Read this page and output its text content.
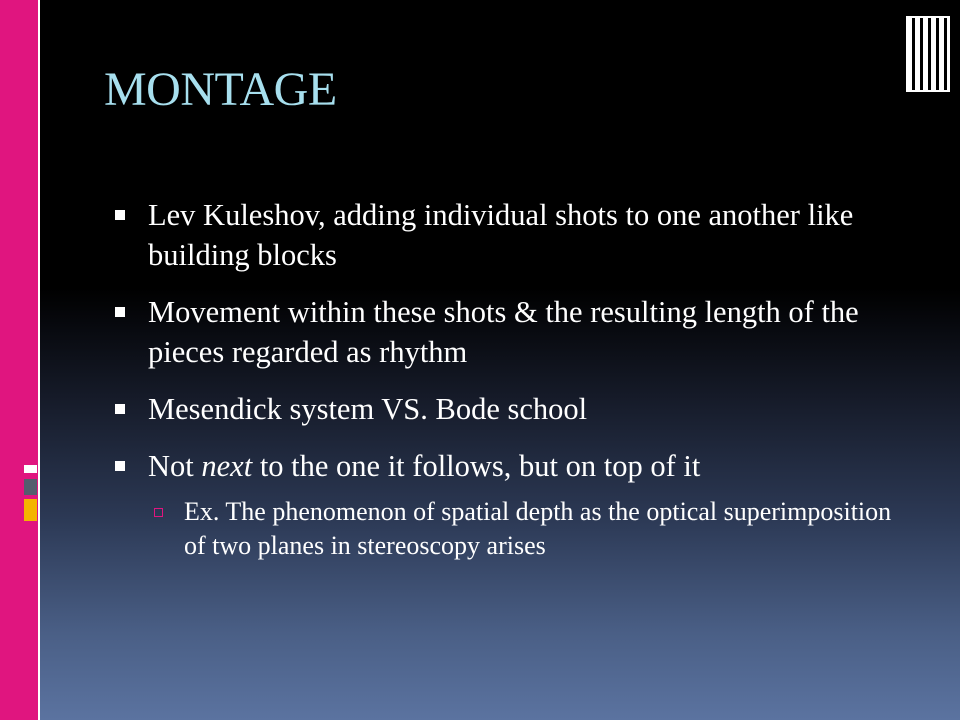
MONTAGE
Lev Kuleshov, adding individual shots to one another like building blocks
Movement within these shots & the resulting length of the pieces regarded as rhythm
Mesendick system VS. Bode school
Not next to the one it follows, but on top of it
Ex. The phenomenon of spatial depth as the optical superimposition of two planes in stereoscopy arises
